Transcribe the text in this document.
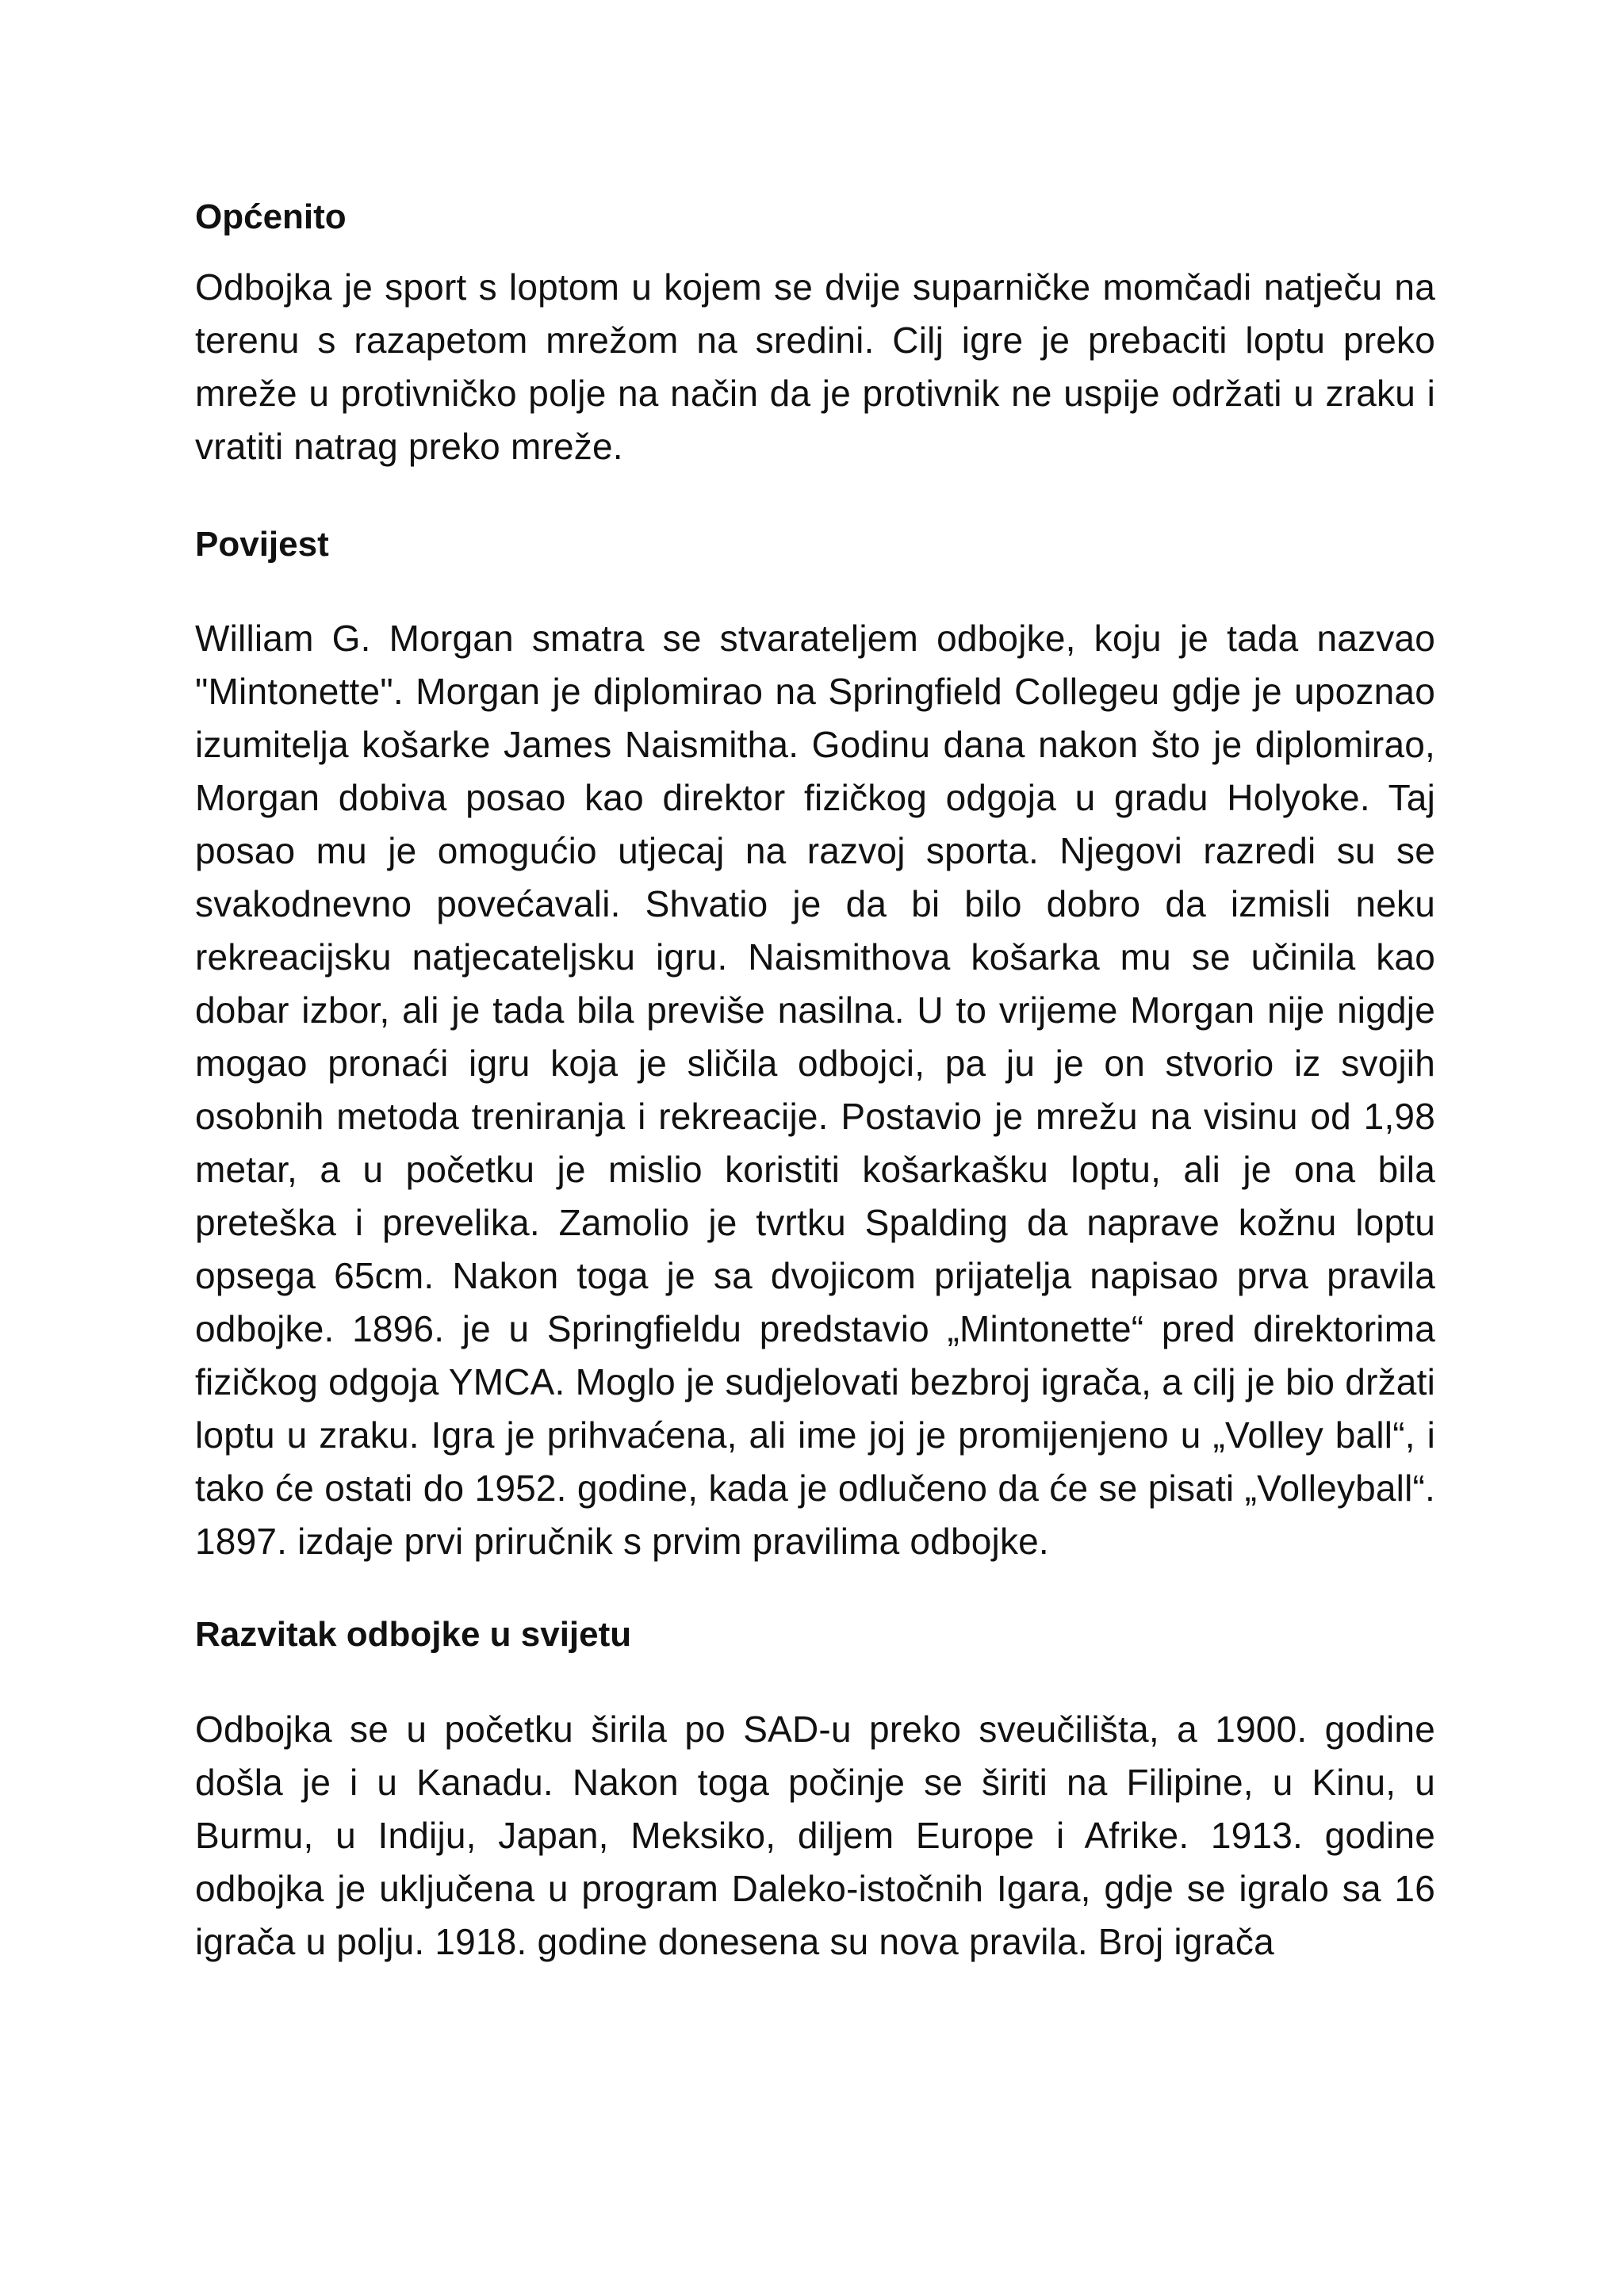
Općenito

Odbojka je sport s loptom u kojem se dvije suparničke momčadi natječu na terenu s razapetom mrežom na sredini. Cilj igre je prebaciti loptu preko mreže u protivničko polje na način da je protivnik ne uspije održati u zraku i vratiti natrag preko mreže.

Povijest

William G. Morgan smatra se stvarateljem odbojke, koju je tada nazvao "Mintonette". Morgan je diplomirao na Springfield Collegeu gdje je upoznao izumitelja košarke James Naismitha. Godinu dana nakon što je diplomirao, Morgan dobiva posao kao direktor fizičkog odgoja u gradu Holyoke. Taj posao mu je omogućio utjecaj na razvoj sporta. Njegovi razredi su se svakodnevno povećavali. Shvatio je da bi bilo dobro da izmisli neku rekreacijsku natjecateljsku igru. Naismithova košarka mu se učinila kao dobar izbor, ali je tada bila previše nasilna. U to vrijeme Morgan nije nigdje mogao pronaći igru koja je sličila odbojci, pa ju je on stvorio iz svojih osobnih metoda treniranja i rekreacije. Postavio je mrežu na visinu od 1,98 metar, a u početku je mislio koristiti košarkašku loptu, ali je ona bila preteška i prevelika. Zamolio je tvrtku Spalding da naprave kožnu loptu opsega 65cm. Nakon toga je sa dvojicom prijatelja napisao prva pravila odbojke. 1896. je u Springfieldu predstavio „Mintonette“ pred direktorima fizičkog odgoja YMCA. Moglo je sudjelovati bezbroj igrača, a cilj je bio držati loptu u zraku. Igra je prihvaćena, ali ime joj je promijenjeno u „Volley ball“, i tako će ostati do 1952. godine, kada je odlučeno da će se pisati „Volleyball“. 1897. izdaje prvi priručnik s prvim pravilima odbojke.

Razvitak odbojke u svijetu

Odbojka se u početku širila po SAD-u preko sveučilišta, a 1900. godine došla je i u Kanadu. Nakon toga počinje se širiti na Filipine, u Kinu, u Burmu, u Indiju, Japan, Meksiko, diljem Europe i Afrike. 1913. godine odbojka je uključena u program Daleko-istočnih Igara, gdje se igralo sa 16 igrača u polju. 1918. godine donesena su nova pravila. Broj igrača
